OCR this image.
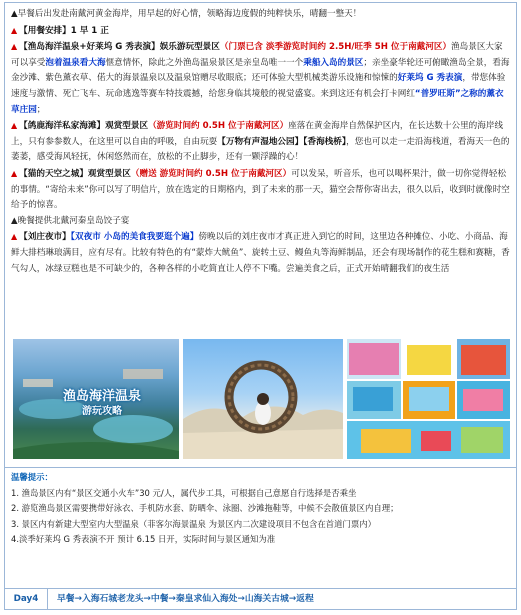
▲早餐后出发赴南戴河黄金海岸，用早起的好心情，领略海边度假的纯粹快乐，晴翻一整天！

▲ 【用餐安排】1 早 1 正

▲ 【渔岛海洋温泉+好莱坞 G 秀表演】娱乐游玩型景区（门票已含 淡季游览时间约 2.5H/旺季 5H 位于南戴河区）渔岛景区大家可以享受泡着温泉看大海惬意情怀，除此之外渔岛温泉景区是亲皇岛唯一一个乘船入岛的景区；亲坐豪华轮还可俯瞰渔岛全景，看海金沙滩、紫色薰衣草、偌大的海景温泉以及温泉馆赠尽收眼底；还可体验大型机械类游乐设施和惊悚的好莱坞 G 秀表演，带您体验速度与激情、死亡飞车、玩命逃逸等赛车特技震撼，给您身临其境般的视觉盛宴。来到这还有机会打卡网红“普罗旺斯”之称的薰衣草庄园；

▲ 【鸽鹿海洋私家海滩】观赏型景区（游览时间约 0.5H 位于南戴河区）座落在黄金海岸自然保护区内，在长达数十公里的海岸线上，只有参参数人，在这里可以自由的呼吸，自由玩耍【万物有声湿地公园】【香海栈桥】，您也可以走一走沿海栈道，看海天一色的萎萎，感受海风轻抚，休闲悠然而在，放松的不止脚步，还有一颗浮躁的心！

▲ 【猫的天空之城】观赏型景区（赠送 游览时间约 0.5H 位于南戴河区）可以发呆，听音乐，也可以喝杯果汁，做一切你觉得轻松的事情。“寄给未来”你可以写了明信片，放在选定的日期格内，到了未来的那一天，猫空会帮你寄出去，很久以后，收到时就像时空给予的惊喜。

▲晚餐提供北戴河秦皇岛饺子宴

▲ 【刘庄夜市】【双夜市 小岛的美食我要逛个遍】傍晚以后的刘庄夜市才真正进入到它的时间，这里边各种摊位、小吃、小商品、海鲜大排档琳琅满目，应有尽有。比较有特色的有“蒙炸大鱿鱼”、旋转土豆、鳗鱼丸等海鲜制品，还会有现场制作的花生糕和赛糖，香气勾人，冰绿豆糕也是不可缺少的，各种各样的小吃简直让人停不下嘴。尝遍美食之后，正式开始晴翻我们的夜生活

渔岛海洋温泉
游玩攻略
温馨提示：
1. 渔岛景区内有“景区交通小火车”30 元/人，属代步工具，可根据自己意愿自行选择是否乘坐
2. 游览渔岛景区需要携带好泳衣、手机防水套、防晒伞、泳圈、沙滩拖鞋等，中候不会散值景区内自理；
3. 景区内有新建大型室内大型温泉（菲客尔海景温泉 为景区内二次建设项目不包含在首道门票内）
4.淡季好莱坞 G 秀表演不开 预计 6.15 日开，实际时间与景区通知为准
Day4	早餐→入海石城老龙头→中餐→秦皇求仙入海处→山海关古城→返程
